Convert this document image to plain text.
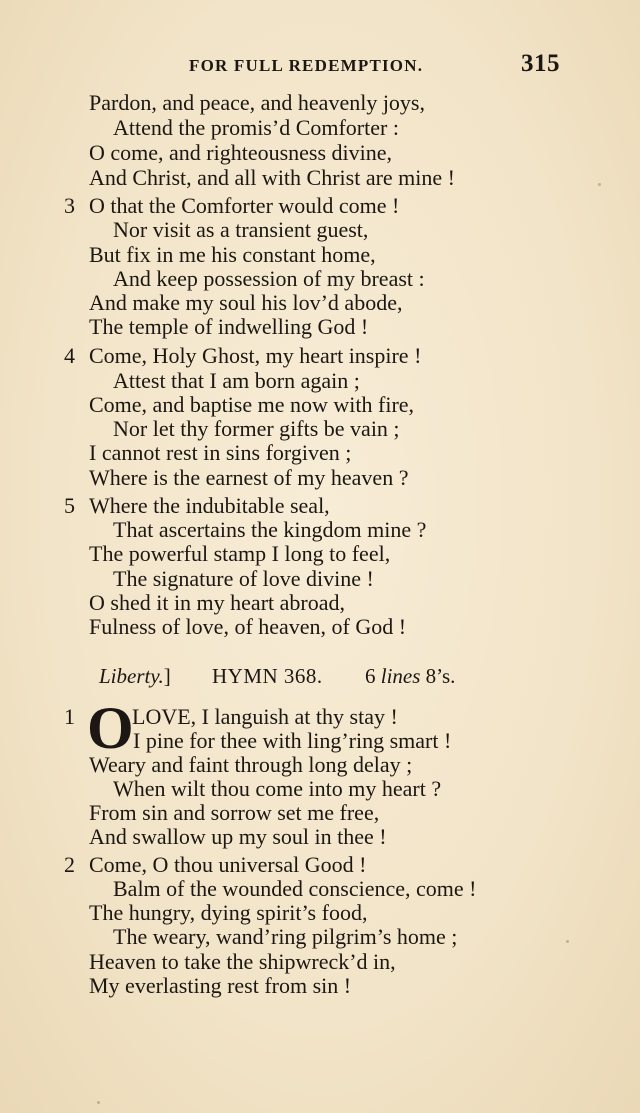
FOR FULL REDEMPTION.	315
Pardon, and peace, and heavenly joys,
Attend the promis’d Comforter :
O come, and righteousness divine,
And Christ, and all with Christ are mine !
3 O that the Comforter would come !
Nor visit as a transient guest,
But fix in me his constant home,
And keep possession of my breast :
And make my soul his lov’d abode,
The temple of indwelling God !
4 Come, Holy Ghost, my heart inspire !
Attest that I am born again ;
Come, and baptise me now with fire,
Nor let thy former gifts be vain ;
I cannot rest in sins forgiven ;
Where is the earnest of my heaven ?
5 Where the indubitable seal,
That ascertains the kingdom mine ?
The powerful stamp I long to feel,
The signature of love divine !
O shed it in my heart abroad,
Fulness of love, of heaven, of God !
Liberty.] HYMN 368. 6 lines 8’s.
1 O
LOVE, I languish at thy stay !
I pine for thee with ling’ring smart !
Weary and faint through long delay ;
When wilt thou come into my heart ?
From sin and sorrow set me free,
And swallow up my soul in thee !
2 Come, O thou universal Good !
Balm of the wounded conscience, come !
The hungry, dying spirit’s food,
The weary, wand’ring pilgrim’s home ;
Heaven to take the shipwreck’d in,
My everlasting rest from sin !
